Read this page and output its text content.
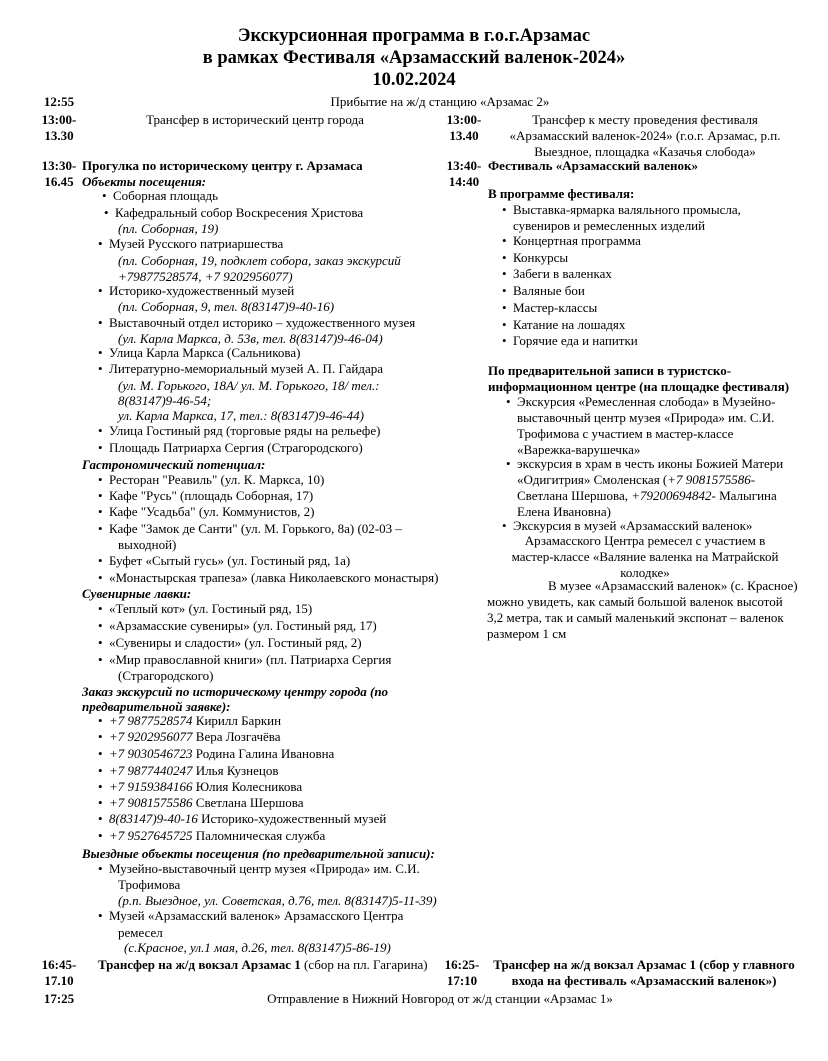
Экскурсионная программа в г.о.г.Арзамас
в рамках Фестиваля «Арзамасский валенок-2024»
10.02.2024
12:55	Прибытие на ж/д станцию «Арзамас 2»
13:00-
13.30
Трансфер в исторический центр города
13:30-
16.45
Прогулка по историческому центру г. Арзамаса
Объекты посещения:
• Соборная площадь
• Кафедральный собор Воскресения Христова
(пл. Соборная, 19)
• Музей Русского патриаршества
(пл. Соборная, 19, подклет собора, заказ экскурсий
+79877528574, +7 9202956077)
• Историко-художественный музей
(пл. Соборная, 9, тел. 8(83147)9-40-16)
• Выставочный отдел историко – художественного музея
(ул. Карла Маркса, д. 53в, тел. 8(83147)9-46-04)
• Улица Карла Маркса (Сальникова)
• Литературно-мемориальный музей А. П. Гайдара
(ул. М. Горького, 18А/ ул. М. Горького, 18/ тел.:
8(83147)9-46-54;
ул. Карла Маркса, 17, тел.: 8(83147)9-46-44)
• Улица Гостиный ряд (торговые ряды на рельефе)
• Площадь Патриарха Сергия (Страгородского)
Гастрономический потенциал:
• Ресторан "Реавиль" (ул. К. Маркса, 10)
• Кафе "Русь" (площадь Соборная, 17)
• Кафе "Усадьба" (ул. Коммунистов, 2)
• Кафе "Замок де Санти" (ул. М. Горького, 8а) (02-03 –
выходной)
• Буфет «Сытый гусь» (ул. Гостиный ряд, 1а)
• «Монастырская трапеза» (лавка Николаевского монастыря)
Сувенирные лавки:
• «Теплый кот» (ул. Гостиный ряд, 15)
• «Арзамасские сувениры» (ул. Гостиный ряд, 17)
• «Сувениры и сладости» (ул. Гостиный ряд, 2)
• «Мир православной книги» (пл. Патриарха Сергия
(Страгородского)
Заказ экскурсий по историческому центру города (по
предварительной заявке):
• +7 9877528574 Кирилл Баркин
• +7 9202956077 Вера Лозгачёва
• +7 9030546723 Родина Галина Ивановна
• +7 9877440247 Илья Кузнецов
• +7 9159384166 Юлия Колесникова
• +7 9081575586 Светлана Шершова
• 8(83147)9-40-16 Историко-художественный музей
• +7 9527645725 Паломническая служба
Выездные объекты посещения (по предварительной записи):
• Музейно-выставочный центр музея «Природа» им. С.И.
Трофимова
(р.п. Выездное, ул. Советская, д.76, тел. 8(83147)5-11-39)
• Музей «Арзамасский валенок» Арзамасского Центра
ремесел
(с.Красное, ул.1 мая, д.26, тел. 8(83147)5-86-19)
16:45-
17.10
Трансфер на ж/д вокзал Арзамас 1 (сбор на пл. Гагарина)
13:00-
13.40
Трансфер к месту проведения фестиваля
«Арзамасский валенок-2024» (г.о.г. Арзамас, р.п.
Выездное, площадка «Казачья слобода»
13:40-
14:40
Фестиваль «Арзамасский валенок»
В программе фестиваля:
• Выставка-ярмарка валяльного промысла,
сувениров и ремесленных изделий
• Концертная программа
• Конкурсы
• Забеги в валенках
• Валяные бои
• Мастер-классы
• Катание на лошадях
• Горячие еда и напитки
По предварительной записи в туристско-
информационном центре (на площадке фестиваля)
• Экскурсия «Ремесленная слобода» в Музейно-
выставочный центр музея «Природа» им. С.И.
Трофимова с участием в мастер-классе
«Варежка-варушечка»
• экскурсия в храм в честь иконы Божией Матери
«Одигитрия» Смоленская (+7 9081575586-
Светлана Шершова, +79200694842- Малыгина
Елена Ивановна)
• Экскурсия в музей «Арзамасский валенок»
Арзамасского Центра ремесел с участием в
мастер-классе «Валяние валенка на Матрайской
колодке»
В музее «Арзамасский валенок» (с. Красное)
можно увидеть, как самый большой валенок высотой
3,2 метра, так и самый маленький экспонат – валенок
размером 1 см
16:25-
17:10
Трансфер на ж/д вокзал Арзамас 1 (сбор у главного
входа на фестиваль «Арзамасский валенок»)
17:25	Отправление в Нижний Новгород от ж/д станции «Арзамас 1»
